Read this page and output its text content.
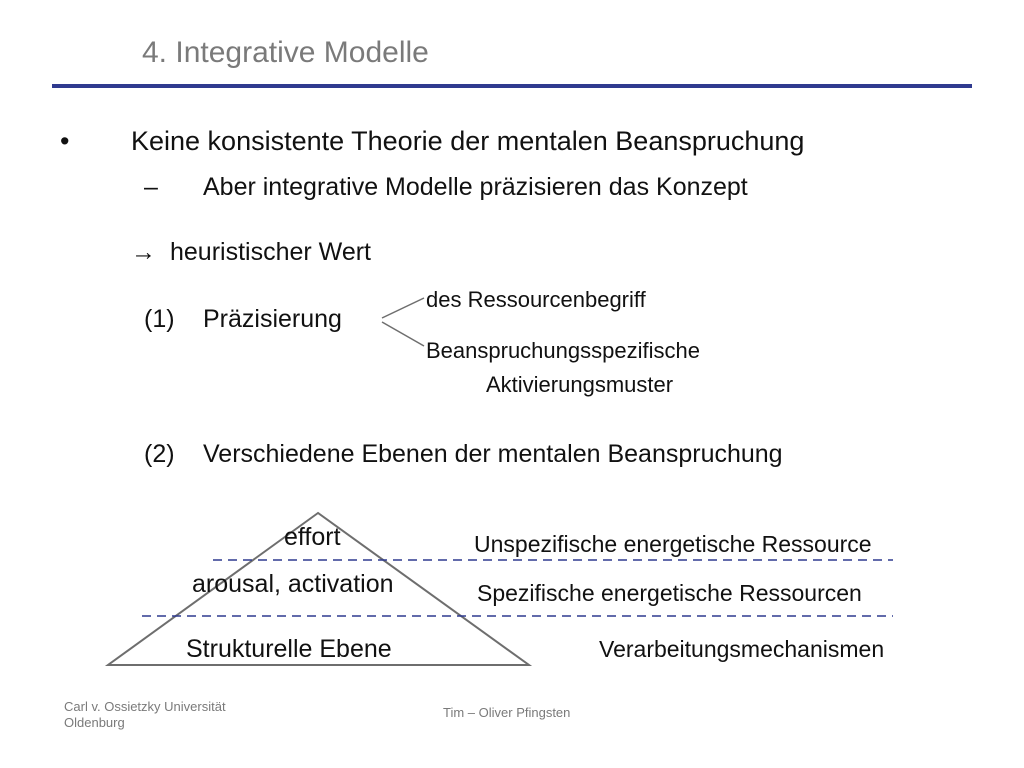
4. Integrative Modelle
• Keine konsistente Theorie der mentalen Beanspruchung
– Aber integrative Modelle präzisieren das Konzept
→ heuristischer Wert
(1) Präzisierung
des Ressourcenbegriff
Beanspruchungsspezifische
Aktivierungsmuster
(2) Verschiedene Ebenen der mentalen Beanspruchung
effort
arousal, activation
Strukturelle Ebene
Unspezifische energetische Ressource
Spezifische energetische Ressourcen
Verarbeitungsmechanismen
Carl v. Ossietzky Universität
Oldenburg
Tim – Oliver Pfingsten
